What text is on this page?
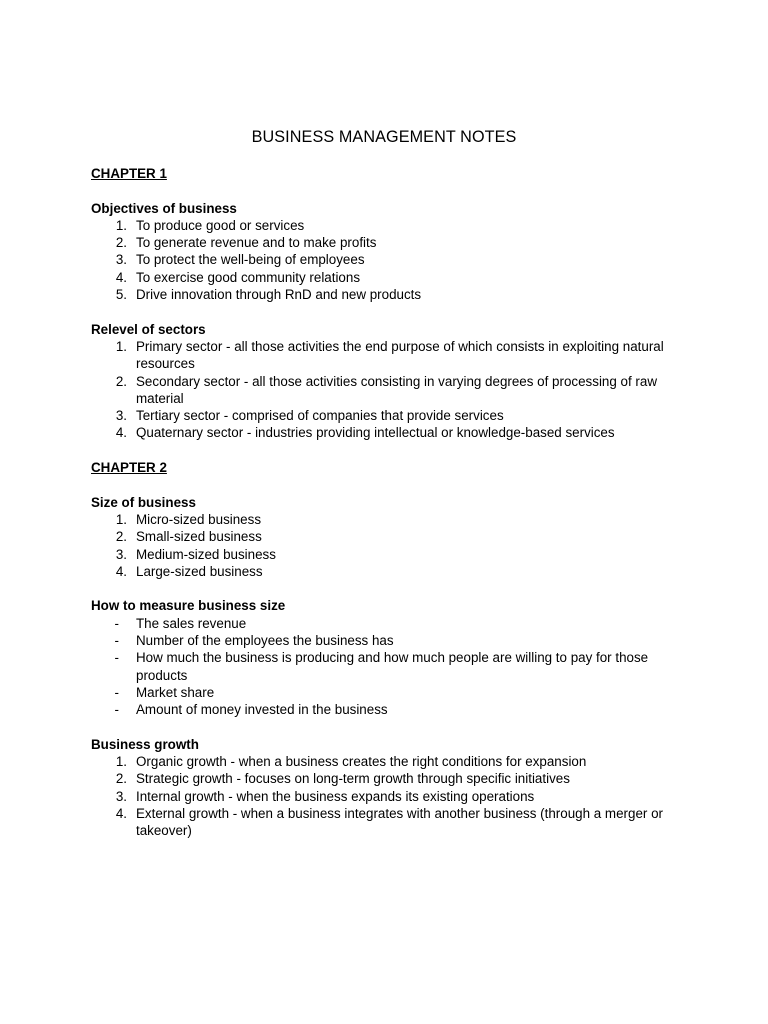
BUSINESS MANAGEMENT NOTES

CHAPTER 1

Objectives of business

1. To produce good or services
2. To generate revenue and to make profits
3. To protect the well-being of employees
4. To exercise good community relations
5. Drive innovation through RnD and new products

Relevel of sectors

1. Primary sector - all those activities the end purpose of which consists in exploiting natural resources
2. Secondary sector - all those activities consisting in varying degrees of processing of raw material
3. Tertiary sector - comprised of companies that provide services
4. Quaternary sector - industries providing intellectual or knowledge-based services

CHAPTER 2

Size of business

1. Micro-sized business
2. Small-sized business
3. Medium-sized business
4. Large-sized business

How to measure business size

- The sales revenue
- Number of the employees the business has
- How much the business is producing and how much people are willing to pay for those products
- Market share
- Amount of money invested in the business

Business growth

1. Organic growth - when a business creates the right conditions for expansion
2. Strategic growth - focuses on long-term growth through specific initiatives
3. Internal growth - when the business expands its existing operations
4. External growth - when a business integrates with another business (through a merger or takeover)
